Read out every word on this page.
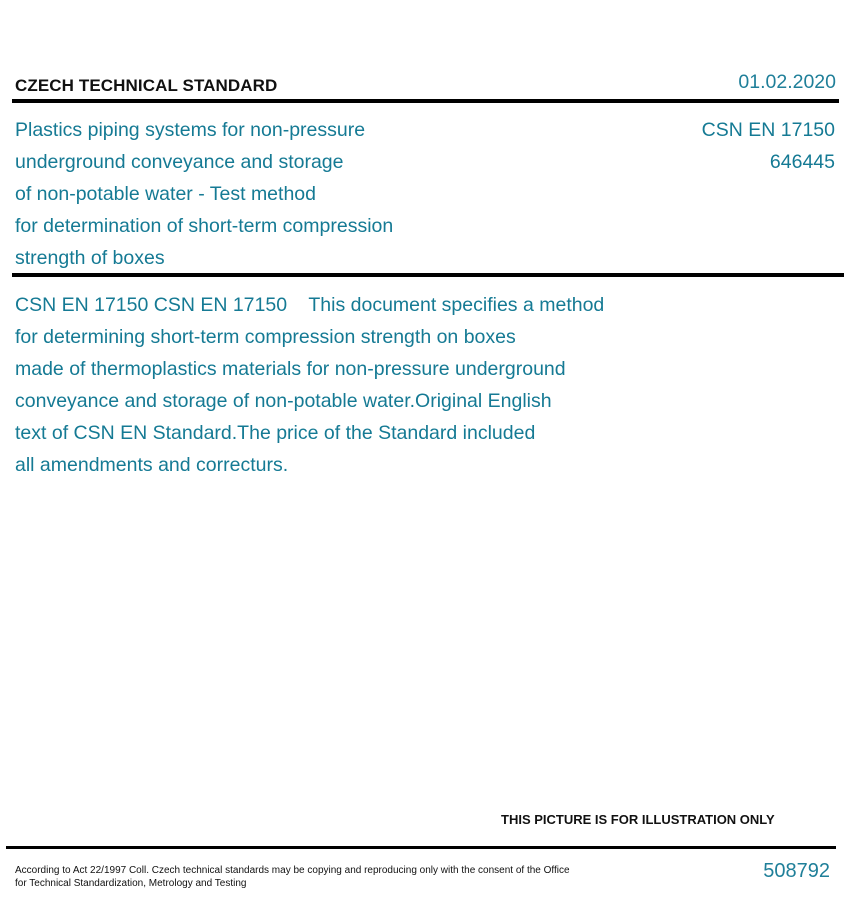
CZECH TECHNICAL STANDARD	01.02.2020
Plastics piping systems for non-pressure
underground conveyance and storage
of non-potable water - Test method
for determination of short-term compression
strength of boxes
CSN EN 17150
646445
CSN EN 17150 CSN EN 17150    This document specifies a method
for determining short-term compression strength on boxes
made of thermoplastics materials for non-pressure underground
conveyance and storage of non-potable water.Original English
text of CSN EN Standard.The price of the Standard included
all amendments and correcturs.
THIS PICTURE IS FOR ILLUSTRATION ONLY
According to Act 22/1997 Coll. Czech technical standards may be copying and reproducing only with the consent of the Office
for Technical Standardization, Metrology and Testing
508792
